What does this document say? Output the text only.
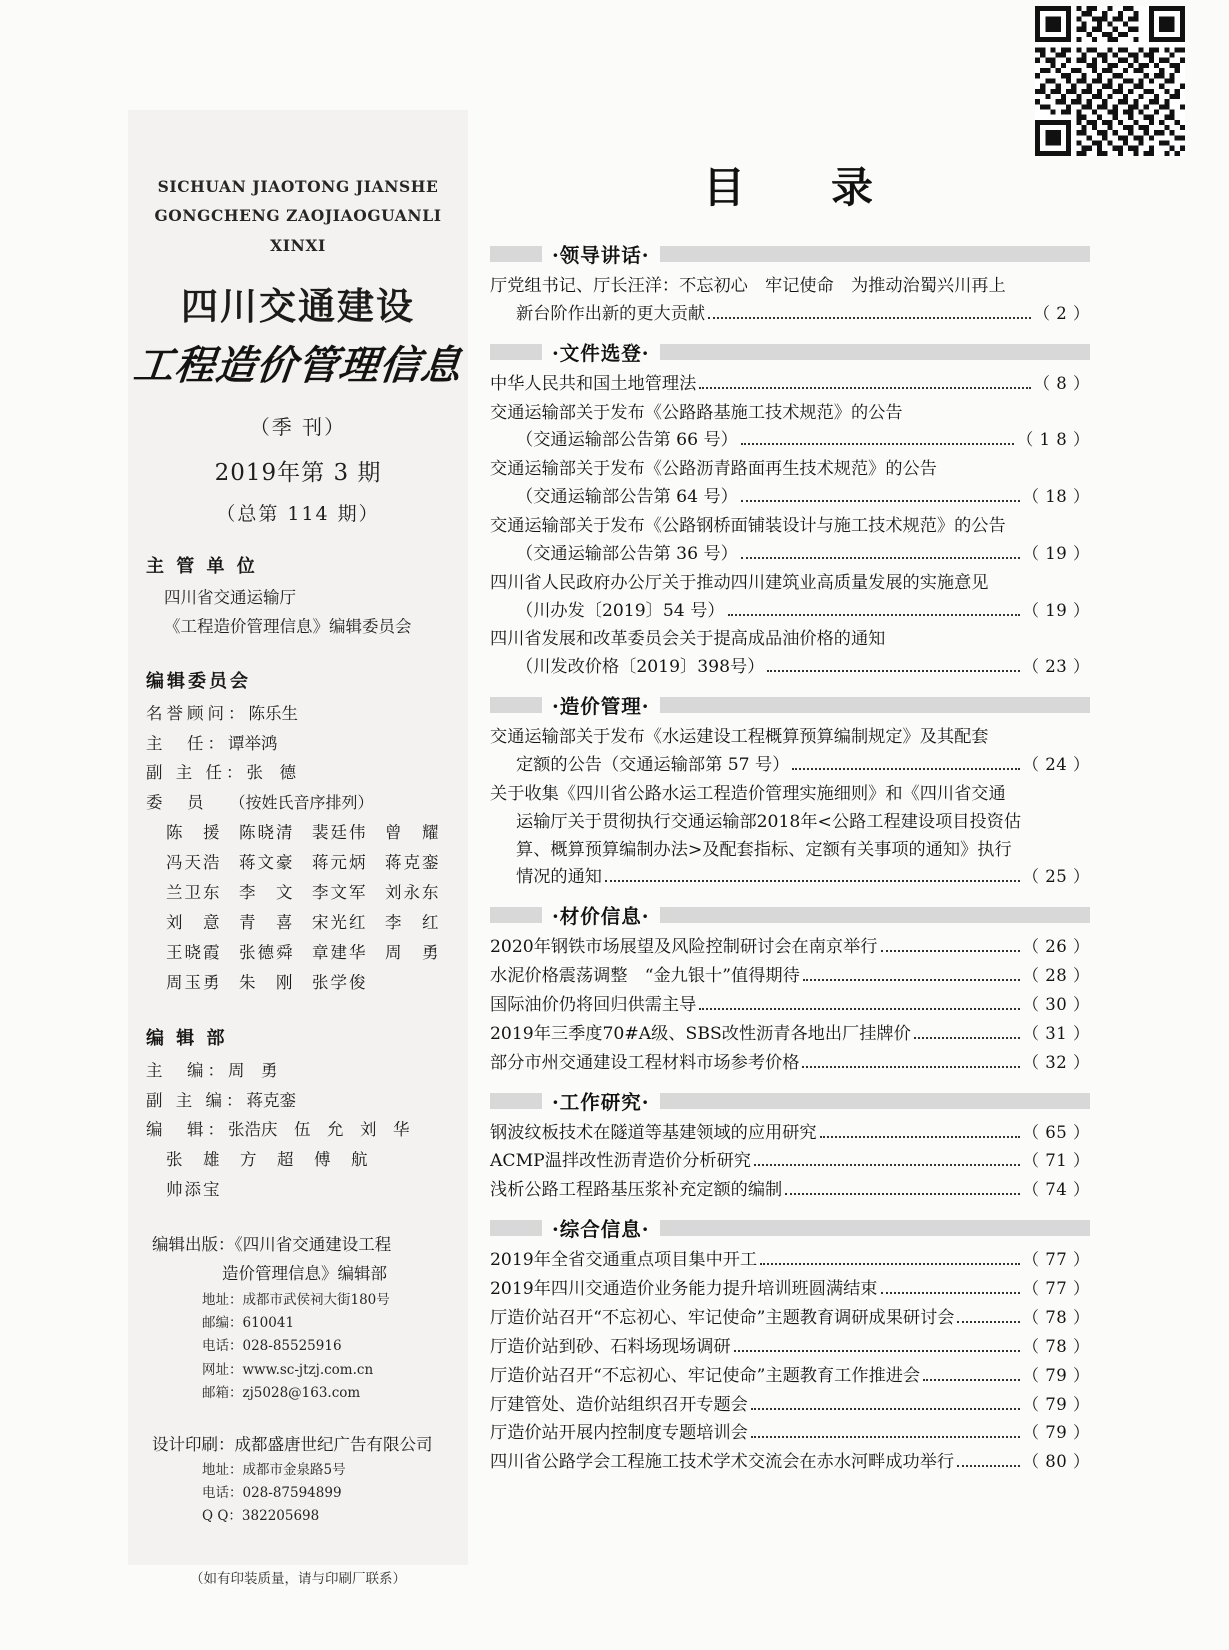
SICHUAN JIAOTONG JIANSHE
GONGCHENG ZAOJIAOGUANLI XINXI
四川交通建设
工程造价管理信息
（季 刊）
2019年第 3 期
（总第 114 期）
主 管 单 位
四川省交通运输厅
《工程造价管理信息》编辑委员会
编辑委员会
名誉顾问：陈乐生
主　任：谭举鸿
副 主 任：张　德
委　员 （按姓氏音序排列）
陈　援	陈晓清	裴廷伟	曾　耀
冯天浩	蒋文豪	蒋元炳	蒋克銮
兰卫东	李　文	李文军	刘永东
刘　意	青　喜	宋光红	李　红
王晓霞	张德舜	章建华	周　勇
周玉勇	朱　刚	张学俊
编 辑 部
主　编：周　勇
副 主 编：蒋克銮
编　辑：张浩庆　伍　允　刘　华
张　雄　方　超　傅　航
帅添宝
编辑出版：《四川省交通建设工程
造价管理信息》编辑部
地址：成都市武侯祠大街180号
邮编：610041
电话：028-85525916
网址：www.sc-jtzj.com.cn
邮箱：zj5028@163.com
设计印刷：成都盛唐世纪广告有限公司
地址：成都市金泉路5号
电话：028-87594899
Q Q：382205698
（如有印装质量，请与印刷厂联系）
目　录
·领导讲话·
厅党组书记、厅长汪洋：不忘初心　牢记使命　为推动治蜀兴川再上
新台阶作出新的更大贡献	（ 2 ）
·文件选登·
中华人民共和国土地管理法	（ 8 ）
交通运输部关于发布《公路路基施工技术规范》的公告
（交通运输部公告第 66 号）	（ 1 8 ）
交通运输部关于发布《公路沥青路面再生技术规范》的公告
（交通运输部公告第 64 号）	（ 18 ）
交通运输部关于发布《公路钢桥面铺装设计与施工技术规范》的公告
（交通运输部公告第 36 号）	（ 19 ）
四川省人民政府办公厅关于推动四川建筑业高质量发展的实施意见
（川办发〔2019〕54 号）	（ 19 ）
四川省发展和改革委员会关于提高成品油价格的通知
（川发改价格〔2019〕398号）	（ 23 ）
·造价管理·
交通运输部关于发布《水运建设工程概算预算编制规定》及其配套
定额的公告（交通运输部第 57 号）	（ 24 ）
关于收集《四川省公路水运工程造价管理实施细则》和《四川省交通
运输厅关于贯彻执行交通运输部2018年<公路工程建设项目投资估
算、概算预算编制办法>及配套指标、定额有关事项的通知》执行
情况的通知	（ 25 ）
·材价信息·
2020年钢铁市场展望及风险控制研讨会在南京举行	（ 26 ）
水泥价格震荡调整　“金九银十”值得期待	（ 28 ）
国际油价仍将回归供需主导	（ 30 ）
2019年三季度70#A级、SBS改性沥青各地出厂挂牌价	（ 31 ）
部分市州交通建设工程材料市场参考价格	（ 32 ）
·工作研究·
钢波纹板技术在隧道等基建领域的应用研究	（ 65 ）
ACMP温拌改性沥青造价分析研究	（ 71 ）
浅析公路工程路基压浆补充定额的编制	（ 74 ）
·综合信息·
2019年全省交通重点项目集中开工	（ 77 ）
2019年四川交通造价业务能力提升培训班圆满结束	（ 77 ）
厅造价站召开“不忘初心、牢记使命”主题教育调研成果研讨会	（ 78 ）
厅造价站到砂、石料场现场调研	（ 78 ）
厅造价站召开“不忘初心、牢记使命”主题教育工作推进会	（ 79 ）
厅建管处、造价站组织召开专题会	（ 79 ）
厅造价站开展内控制度专题培训会	（ 79 ）
四川省公路学会工程施工技术学术交流会在赤水河畔成功举行	（ 80 ）
